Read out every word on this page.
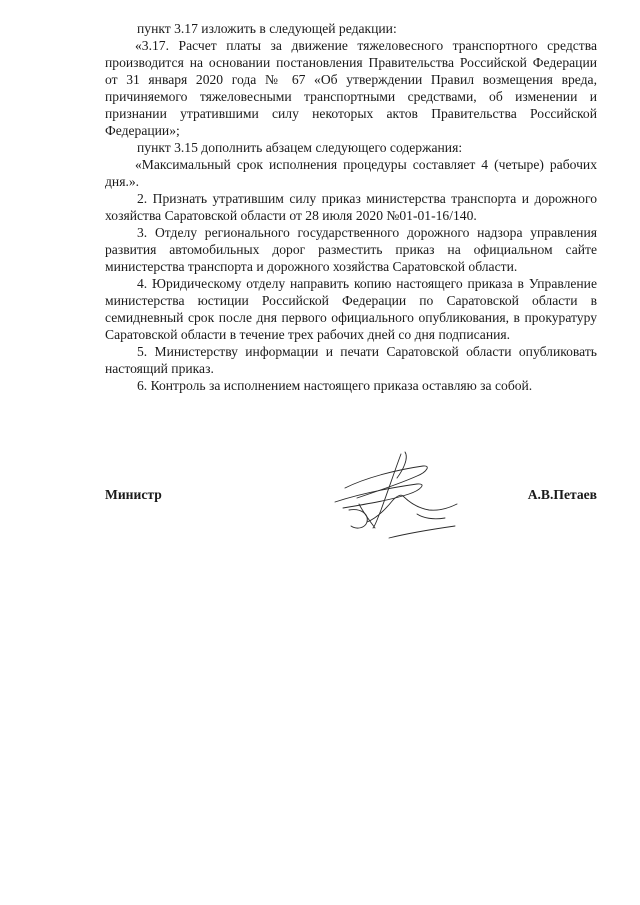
пункт 3.17 изложить в следующей редакции:

«3.17. Расчет платы за движение тяжеловесного транспортного средства производится на основании постановления Правительства Российской Федерации от 31 января 2020 года № 67 «Об утверждении Правил возмещения вреда, причиняемого тяжеловесными транспортными средствами, об изменении и признании утратившими силу некоторых актов Правительства Российской Федерации»;

пункт 3.15 дополнить абзацем следующего содержания:

«Максимальный срок исполнения процедуры составляет 4 (четыре) рабочих дня.».

2. Признать утратившим силу приказ министерства транспорта и дорожного хозяйства Саратовской области от 28 июля 2020 №01-01-16/140.

3. Отделу регионального государственного дорожного надзора управления развития автомобильных дорог разместить приказ на официальном сайте министерства транспорта и дорожного хозяйства Саратовской области.

4. Юридическому отделу направить копию настоящего приказа в Управление министерства юстиции Российской Федерации по Саратовской области в семидневный срок после дня первого официального опубликования, в прокуратуру Саратовской области в течение трех рабочих дней со дня подписания.

5. Министерству информации и печати Саратовской области опубликовать настоящий приказ.

6. Контроль за исполнением настоящего приказа оставляю за собой.

Министр	А.В.Петаев
